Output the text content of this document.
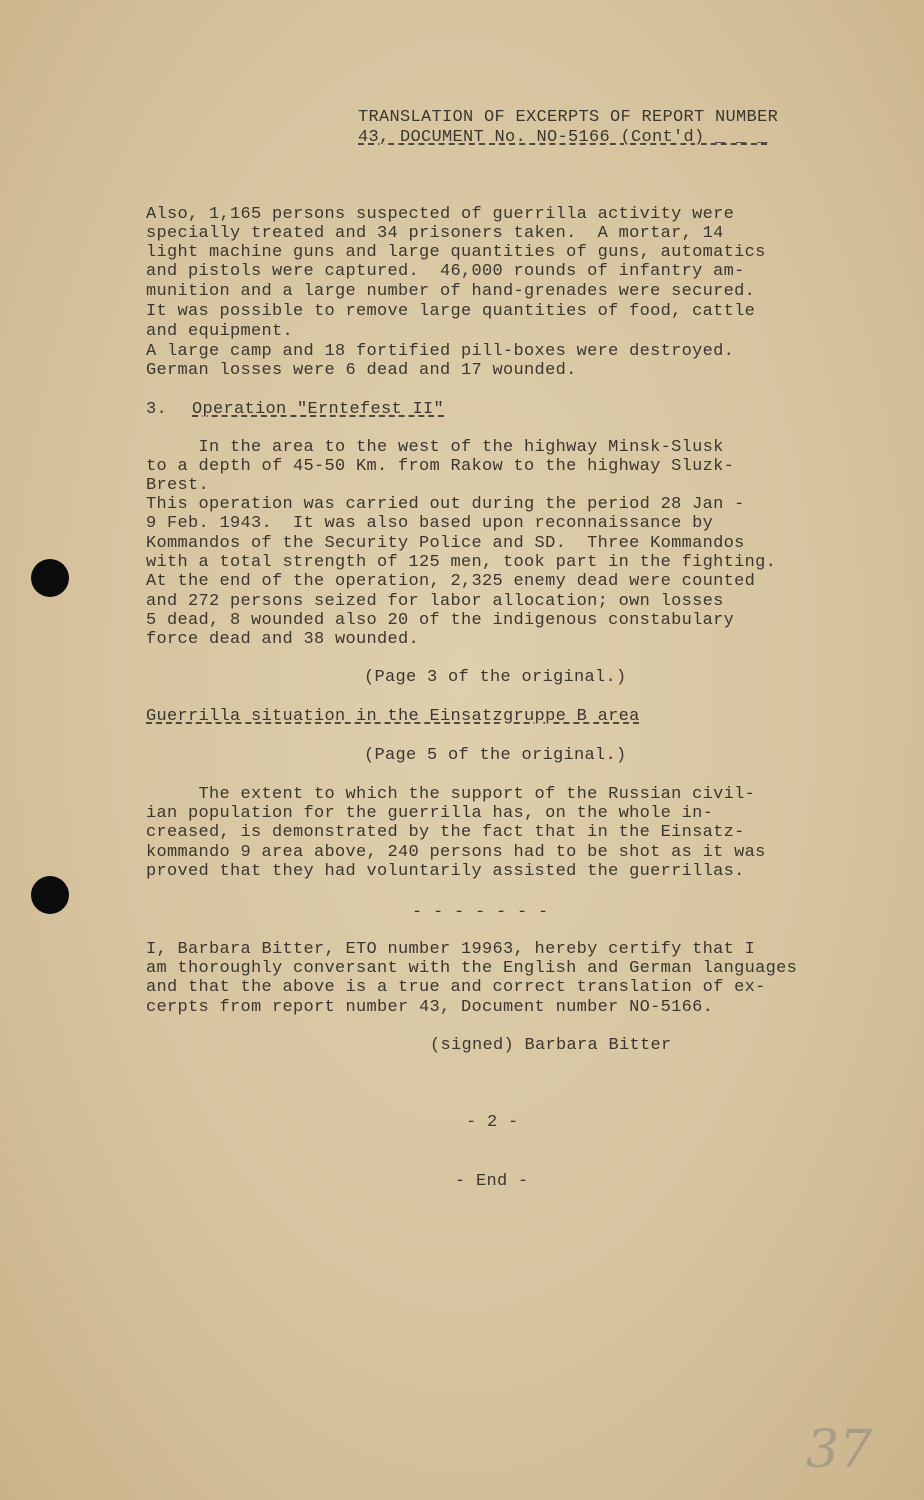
TRANSLATION OF EXCERPTS OF REPORT NUMBER
43, DOCUMENT No. NO-5166 (Cont'd) _ _ _
Also, 1,165 persons suspected of guerrilla activity were
specially treated and 34 prisoners taken.  A mortar, 14
light machine guns and large quantities of guns, automatics
and pistols were captured.  46,000 rounds of infantry am-
munition and a large number of hand-grenades were secured.
It was possible to remove large quantities of food, cattle
and equipment.
A large camp and 18 fortified pill-boxes were destroyed.
German losses were 6 dead and 17 wounded.
3. Operation "Erntefest II"
In the area to the west of the highway Minsk-Slusk
to a depth of 45-50 Km. from Rakow to the highway Sluzk-
Brest.
This operation was carried out during the period 28 Jan -
9 Feb. 1943.  It was also based upon reconnaissance by
Kommandos of the Security Police and SD.  Three Kommandos
with a total strength of 125 men, took part in the fighting.
At the end of the operation, 2,325 enemy dead were counted
and 272 persons seized for labor allocation; own losses
5 dead, 8 wounded also 20 of the indigenous constabulary
force dead and 38 wounded.
(Page 3 of the original.)
Guerrilla situation in the Einsatzgruppe B area
(Page 5 of the original.)
The extent to which the support of the Russian civil-
ian population for the guerrilla has, on the whole in-
creased, is demonstrated by the fact that in the Einsatz-
kommando 9 area above, 240 persons had to be shot as it was
proved that they had voluntarily assisted the guerrillas.
- - - - - - -
I, Barbara Bitter, ETO number 19963, hereby certify that I
am thoroughly conversant with the English and German languages
and that the above is a true and correct translation of ex-
cerpts from report number 43, Document number NO-5166.
(signed) Barbara Bitter
- 2 -
- End -
37
